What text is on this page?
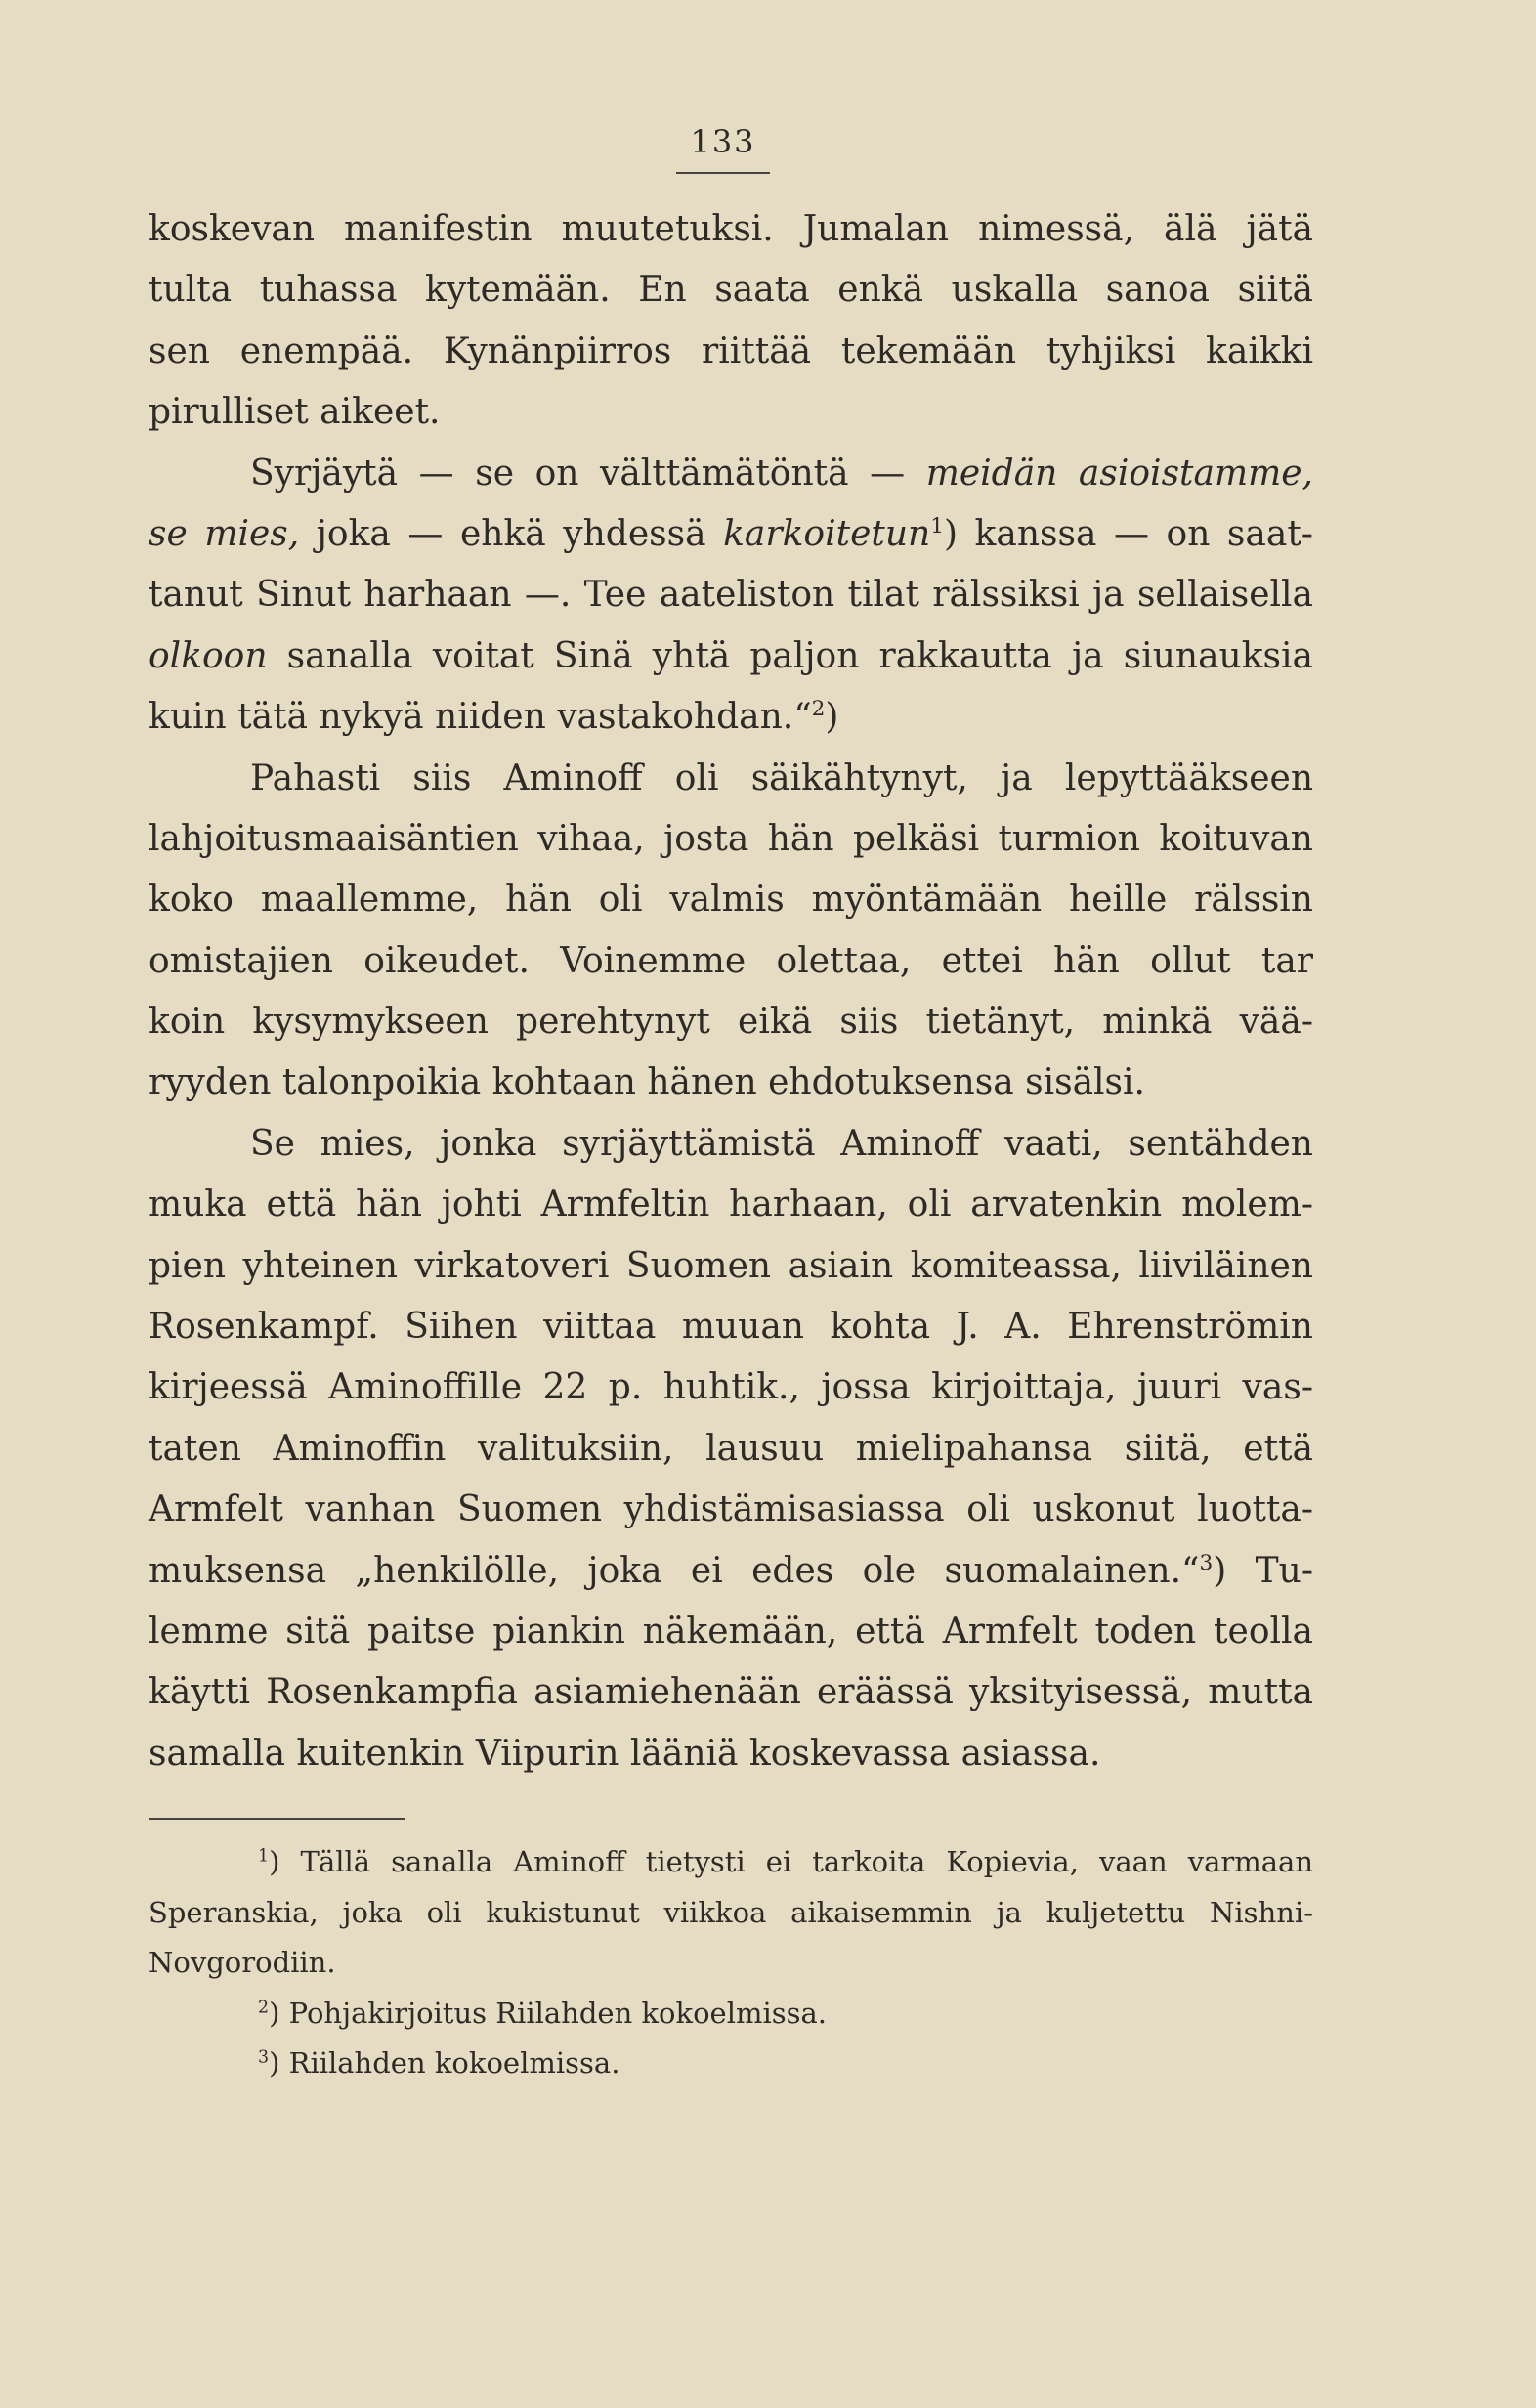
133
koskevan manifestin muutetuksi. Jumalan nimessä, älä jätä
tulta tuhassa kytemään. En saata enkä uskalla sanoa siitä
sen enempää. Kynänpiirros riittää tekemään tyhjiksi kaikki
pirulliset aikeet.
Syrjäytä — se on välttämätöntä — meidän asioistamme,
se mies, joka — ehkä yhdessä karkoitetun$^1$) kanssa — on saat-
tanut Sinut harhaan —. Tee aateliston tilat rälssiksi ja sellaisella
olkoon sanalla voitat Sinä yhtä paljon rakkautta ja siunauksia
kuin tätä nykyä niiden vastakohdan.“$^2$)
Pahasti siis Aminoff oli säikähtynyt, ja lepyttääkseen
lahjoitusmaaisäntien vihaa, josta hän pelkäsi turmion koituvan
koko maallemme, hän oli valmis myöntämään heille rälssin
omistajien oikeudet. Voinemme olettaa, ettei hän ollut tar
koin kysymykseen perehtynyt eikä siis tietänyt, minkä vää-
ryyden talonpoikia kohtaan hänen ehdotuksensa sisälsi.
Se mies, jonka syrjäyttämistä Aminoff vaati, sentähden
muka että hän johti Armfeltin harhaan, oli arvatenkin molem-
pien yhteinen virkatoveri Suomen asiain komiteassa, liiviläinen
Rosenkampf. Siihen viittaa muuan kohta J. A. Ehrenströmin
kirjeessä Aminoffille 22 p. huhtik., jossa kirjoittaja, juuri vas-
taten Aminoffin valituksiin, lausuu mielipahansa siitä, että
Armfelt vanhan Suomen yhdistämisasiassa oli uskonut luotta-
muksensa „henkilölle, joka ei edes ole suomalainen.“$^3$) Tu-
lemme sitä paitse piankin näkemään, että Armfelt toden teolla
käytti Rosenkampfia asiamiehenään eräässä yksityisessä, mutta
samalla kuitenkin Viipurin lääniä koskevassa asiassa.
$^1$) Tällä sanalla Aminoff tietysti ei tarkoita Kopievia, vaan varmaan
Speranskia, joka oli kukistunut viikkoa aikaisemmin ja kuljetettu Nishni-
Novgorodiin.
$^2$) Pohjakirjoitus Riilahden kokoelmissa.
$^3$) Riilahden kokoelmissa.
